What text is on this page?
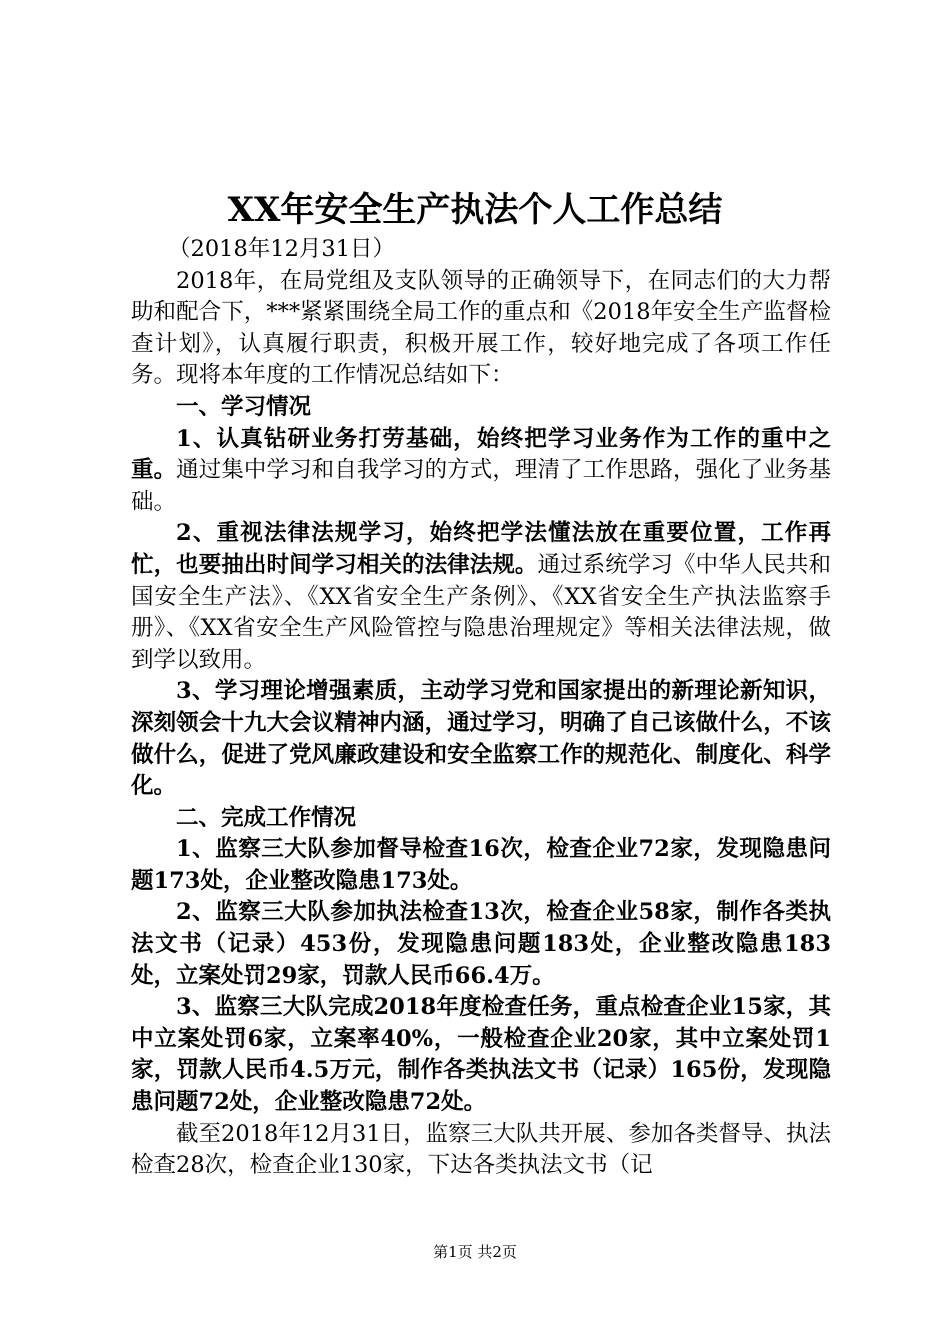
XX年安全生产执法个人工作总结

（2018年12月31日）

2018年，在局党组及支队领导的正确领导下，在同志们的大力帮助和配合下，***紧紧围绕全局工作的重点和《2018年安全生产监督检查计划》，认真履行职责，积极开展工作，较好地完成了各项工作任务。现将本年度的工作情况总结如下：

一、学习情况

1、认真钻研业务打劳基础，始终把学习业务作为工作的重中之重。通过集中学习和自我学习的方式，理清了工作思路，强化了业务基础。

2、重视法律法规学习，始终把学法懂法放在重要位置，工作再忙，也要抽出时间学习相关的法律法规。通过系统学习《中华人民共和国安全生产法》、《XX省安全生产条例》、《XX省安全生产执法监察手册》、《XX省安全生产风险管控与隐患治理规定》等相关法律法规，做到学以致用。

3、学习理论增强素质，主动学习党和国家提出的新理论新知识，深刻领会十九大会议精神内涵，通过学习，明确了自己该做什么，不该做什么，促进了党风廉政建设和安全监察工作的规范化、制度化、科学化。

二、完成工作情况

1、监察三大队参加督导检查16次，检查企业72家，发现隐患问题173处，企业整改隐患173处。

2、监察三大队参加执法检查13次，检查企业58家，制作各类执法文书（记录）453份，发现隐患问题183处，企业整改隐患183处，立案处罚29家，罚款人民币66.4万。

3、监察三大队完成2018年度检查任务，重点检查企业15家，其中立案处罚6家，立案率40%，一般检查企业20家，其中立案处罚1家，罚款人民币4.5万元，制作各类执法文书（记录）165份，发现隐患问题72处，企业整改隐患72处。

截至2018年12月31日，监察三大队共开展、参加各类督导、执法检查28次，检查企业130家，下达各类执法文书（记

第1页 共2页
